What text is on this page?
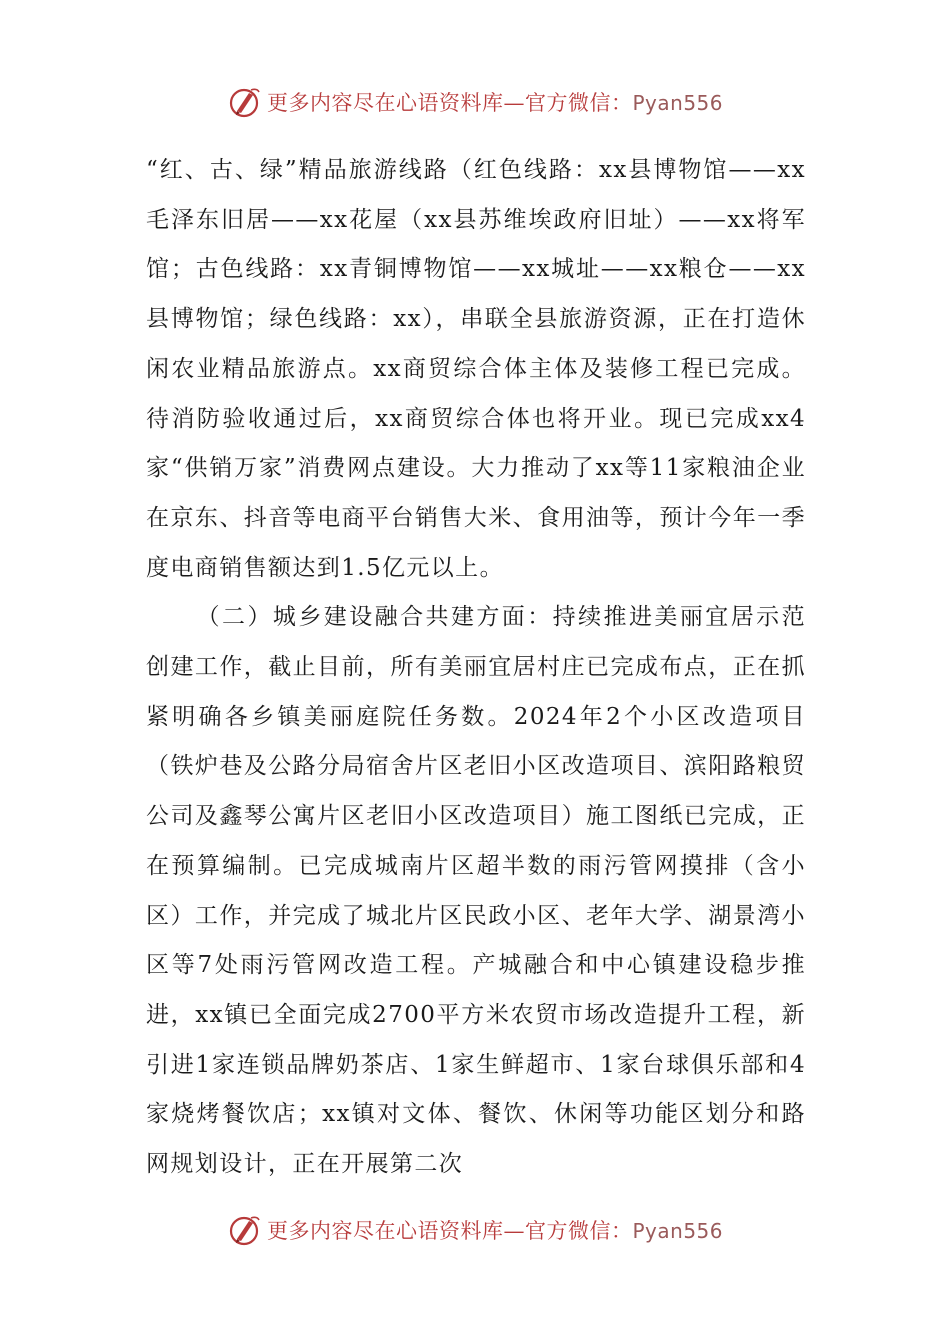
更多内容尽在心语资料库—官方微信：Pyan556

“红、古、绿”精品旅游线路（红色线路：xx县博物馆——xx毛泽东旧居——xx花屋（xx县苏维埃政府旧址）——xx将军馆；古色线路：xx青铜博物馆——xx城址——xx粮仓——xx县博物馆；绿色线路：xx），串联全县旅游资源，正在打造休闲农业精品旅游点。xx商贸综合体主体及装修工程已完成。待消防验收通过后，xx商贸综合体也将开业。现已完成xx4家“供销万家”消费网点建设。大力推动了xx等11家粮油企业在京东、抖音等电商平台销售大米、食用油等，预计今年一季度电商销售额达到1.5亿元以上。

（二）城乡建设融合共建方面：持续推进美丽宜居示范创建工作，截止目前，所有美丽宜居村庄已完成布点，正在抓紧明确各乡镇美丽庭院任务数。2024年2个小区改造项目（铁炉巷及公路分局宿舍片区老旧小区改造项目、滨阳路粮贸公司及鑫琴公寓片区老旧小区改造项目）施工图纸已完成，正在预算编制。已完成城南片区超半数的雨污管网摸排（含小区）工作，并完成了城北片区民政小区、老年大学、湖景湾小区等7处雨污管网改造工程。产城融合和中心镇建设稳步推进，xx镇已全面完成2700平方米农贸市场改造提升工程，新引进1家连锁品牌奶茶店、1家生鲜超市、1家台球俱乐部和4家烧烤餐饮店；xx镇对文体、餐饮、休闲等功能区划分和路网规划设计，正在开展第二次

更多内容尽在心语资料库—官方微信：Pyan556
